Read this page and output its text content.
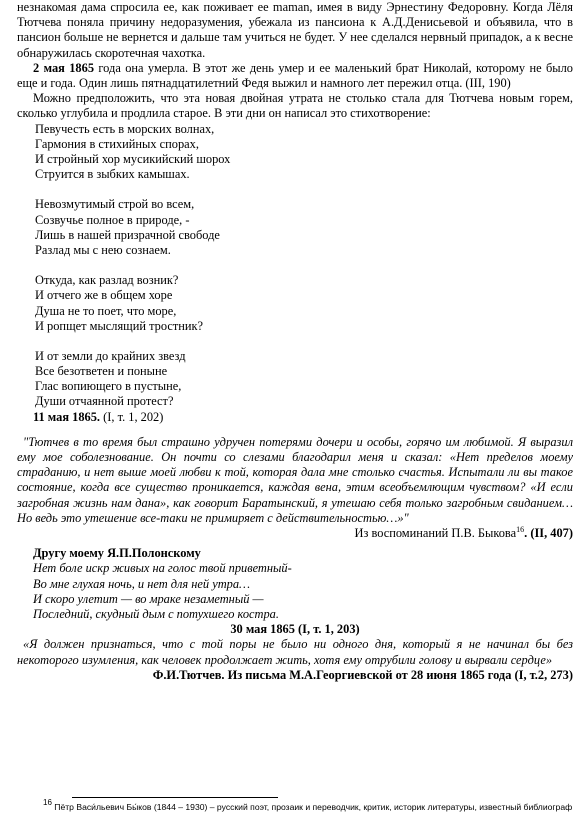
незнакомая дама спросила ее, как поживает ее maman, имея в виду Эрнестину Федоровну. Когда Лёля Тютчева поняла причину недоразумения, убежала из пансиона к А.Д.Денисьевой и объявила, что в пансион больше не вернется и дальше там учиться не будет. У нее сделался нервный припадок, а к весне обнаружилась скоротечная чахотка.

2 мая 1865 года она умерла. В этот же день умер и ее маленький брат Николай, которому не было еще и года. Один лишь пятнадцатилетний Федя выжил и намного лет пережил отца. (III, 190)

Можно предположить, что эта новая двойная утрата не столько стала для Тютчева новым горем, сколько углубила и продлила старое. В эти дни он написал это стихотворение:

Певучесть есть в морских волнах,
Гармония в стихийных спорах,
И стройный хор мусикийский шорох
Струится в зыбких камышах.
Невозмутимый строй во всем,
Созвучье полное в природе, -
Лишь в нашей призрачной свободе
Разлад мы с нею сознаем.
Откуда, как разлад возник?
И отчего же в общем хоре
Душа не то поет, что море,
И ропщет мыслящий тростник?
И от земли до крайних звезд
Все безответен и поныне
Глас вопиющего в пустыне,
Души отчаянной протест?
11 мая 1865. (I, т. 1, 202)

"Тютчев в то время был страшно удручен потерями дочери и особы, горячо им любимой. Я выразил ему мое соболезнование. Он почти со слезами благодарил меня и сказал: «Нет пределов моему страданию, и нет выше моей любви к той, которая дала мне столько счастья. Испытали ли вы такое состояние, когда все существо проникается, каждая вена, этим всеобъемлющим чувством? «И если загробная жизнь нам дана», как говорит Баратынский, я утешаю себя только загробным свиданием… Но ведь это утешение все-таки не примиряет с действительностью…»"

Из воспоминаний П.В. Быкова$^{16}$. (II, 407)

Другу моему Я.П.Полонскому
Нет боле искр живых на голос твой приветный-
Во мне глухая ночь, и нет для ней утра…
И скоро улетит — во мраке незаметный —
Последний, скудный дым с потухшего костра.

30 мая 1865 (I, т. 1, 203)

«Я должен признаться, что с той поры не было ни одного дня, который я не начинал бы без некоторого изумления, как человек продолжает жить, хотя ему отрубили голову и вырвали сердце»

Ф.И.Тютчев. Из письма М.А.Георгиевской от 28 июня 1865 года (I, т.2, 273)

$^{16}$ Пётр Васи́льевич Бы́ков (1844 – 1930) – русский поэт, прозаик и переводчик, критик, историк литературы, известный библиограф
